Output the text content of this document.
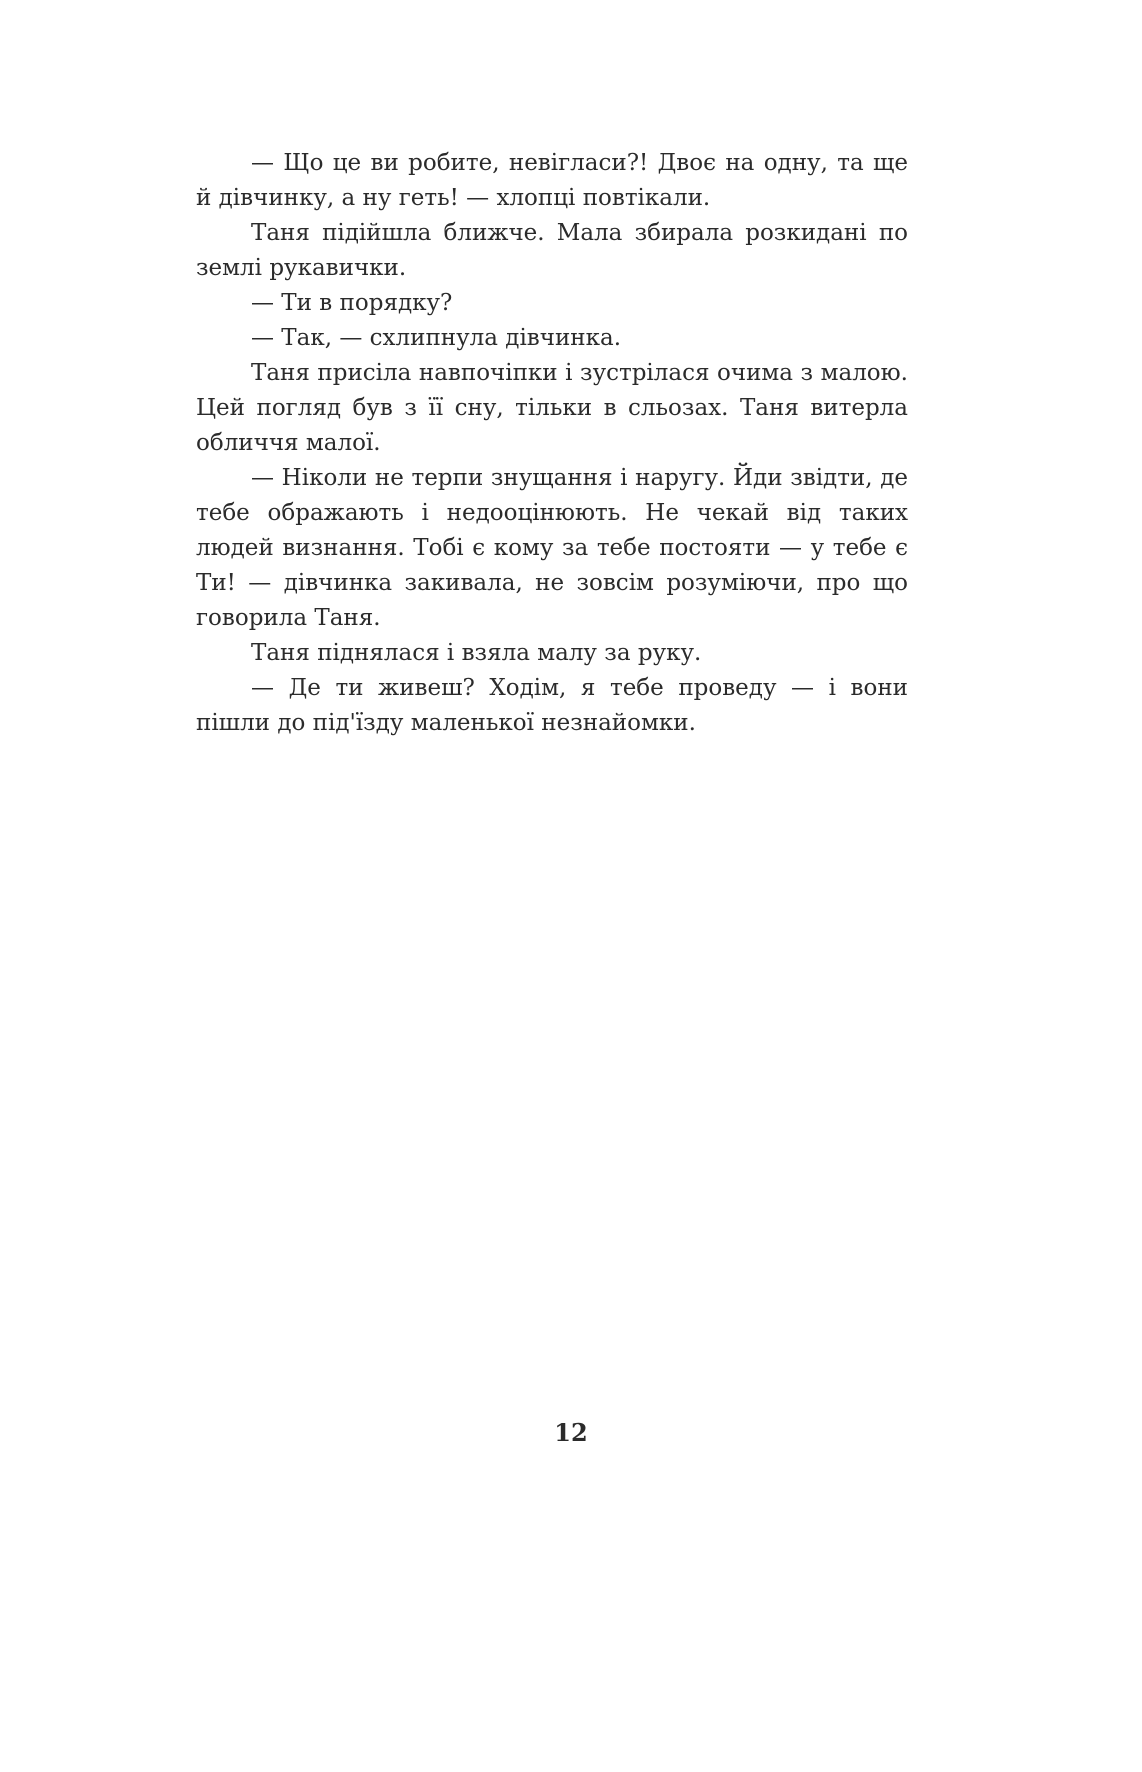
— Що це ви робите, невігласи?! Двоє на одну, та ще й дівчинку, а ну геть! — хлопці повтікали.

Таня підійшла ближче. Мала збирала розкидані по землі рукавички.

— Ти в порядку?

— Так, — схлипнула дівчинка.

Таня присіла навпочіпки і зустрілася очима з малою. Цей погляд був з її сну, тільки в сльозах. Таня витерла обличчя малої.

— Ніколи не терпи знущання і наругу. Йди звідти, де тебе ображають і недооцінюють. Не чекай від таких людей визнання. Тобі є кому за тебе постояти — у тебе є Ти! — дівчинка закивала, не зовсім розуміючи, про що говорила Таня.

Таня піднялася і взяла малу за руку.

— Де ти живеш? Ходім, я тебе проведу — і вони пішли до під'їзду маленької незнайомки.

12
